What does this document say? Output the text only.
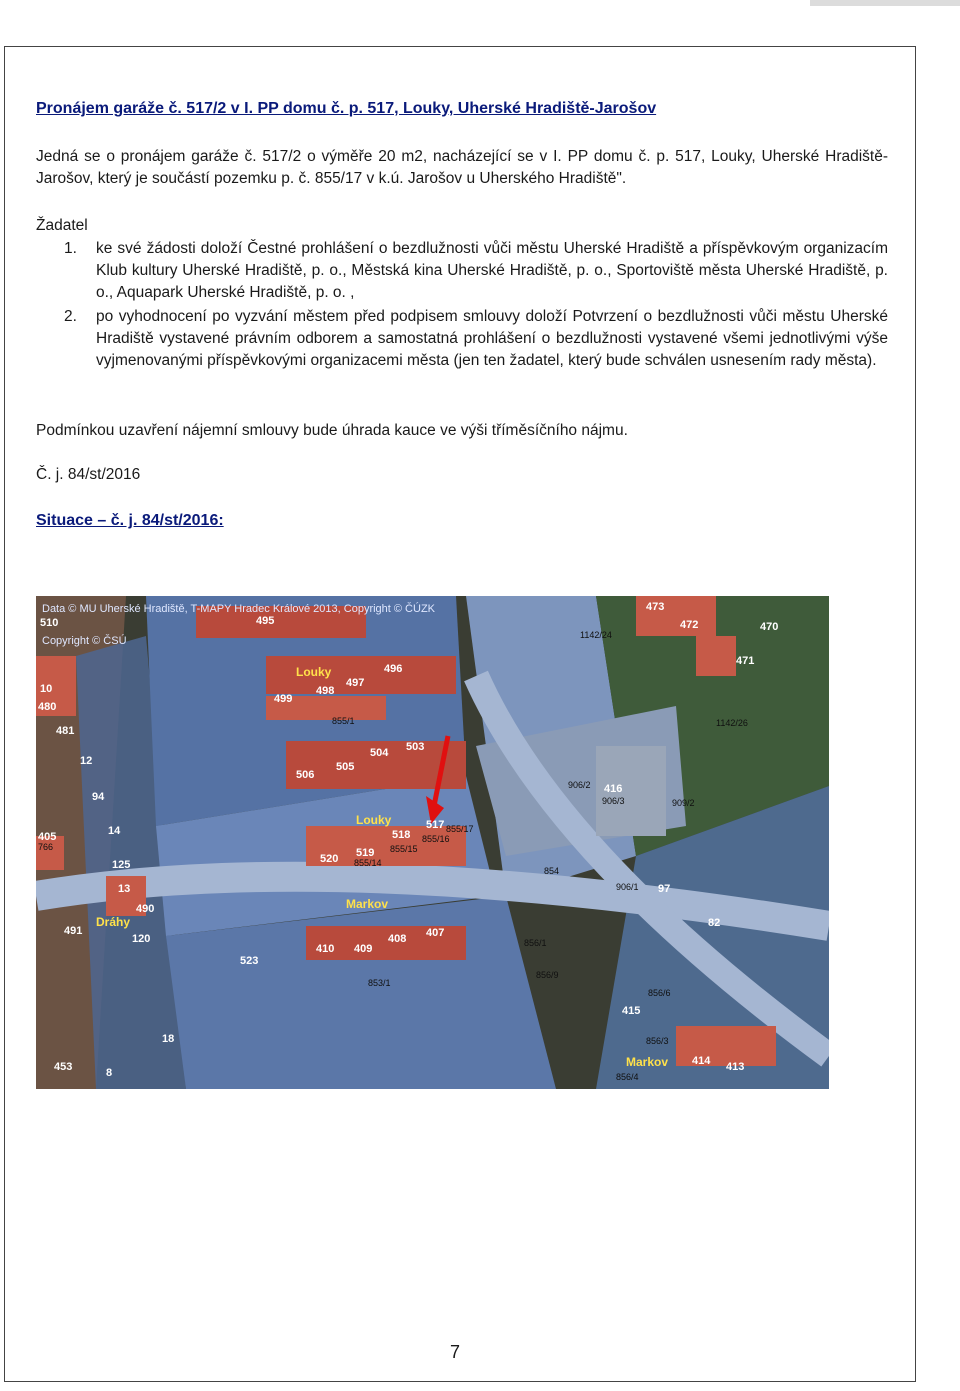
Pronájem garáže č. 517/2 v I. PP domu č. p. 517, Louky, Uherské Hradiště-Jarošov

Jedná se o pronájem garáže č. 517/2 o výměře 20 m2, nacházející se v I. PP domu č. p. 517, Louky, Uherské Hradiště-Jarošov, který je součástí pozemku p. č. 855/17 v k.ú. Jarošov u Uherského Hradiště".

Žadatel

1. ke své žádosti doloží Čestné prohlášení o bezdlužnosti vůči městu Uherské Hradiště a příspěvkovým organizacím Klub kultury Uherské Hradiště, p. o., Městská kina Uherské Hradiště, p. o., Sportoviště města Uherské Hradiště, p. o., Aquapark Uherské Hradiště, p. o. ,
2. po vyhodnocení po vyzvání městem před podpisem smlouvy doloží Potvrzení o bezdlužnosti vůči městu Uherské Hradiště vystavené právním odborem a samostatná prohlášení o bezdlužnosti vystavené všemi jednotlivými výše vyjmenovanými příspěvkovými organizacemi města (jen ten žadatel, který bude schválen usnesením rady města).

Podmínkou uzavření nájemní smlouvy bude úhrada kauce ve výši tříměsíčního nájmu.

Č. j. 84/st/2016

Situace – č. j. 84/st/2016:

Data © MU Uherské Hradiště, T-MAPY Hradec Králové 2013, Copyright © ČÚZK
Copyright © ČSÚ
Louky
Louky
Markov
Markov
Dráhy
510	495
496
497
498
499
480
481
10
12
504 503
505
506
517
518
519
520
473
472	470
471
416
97
82
410 409
408 407
523
415
414 413
405
125
13
490
491
120
18
453	8
94
14
855/14
855/15
855/16
855/17
855/1
854
906/2
906/3	909/2
906/1
856/1
856/9
856/6
856/3
856/4
853/1
1142/24
1142/26
766
7
